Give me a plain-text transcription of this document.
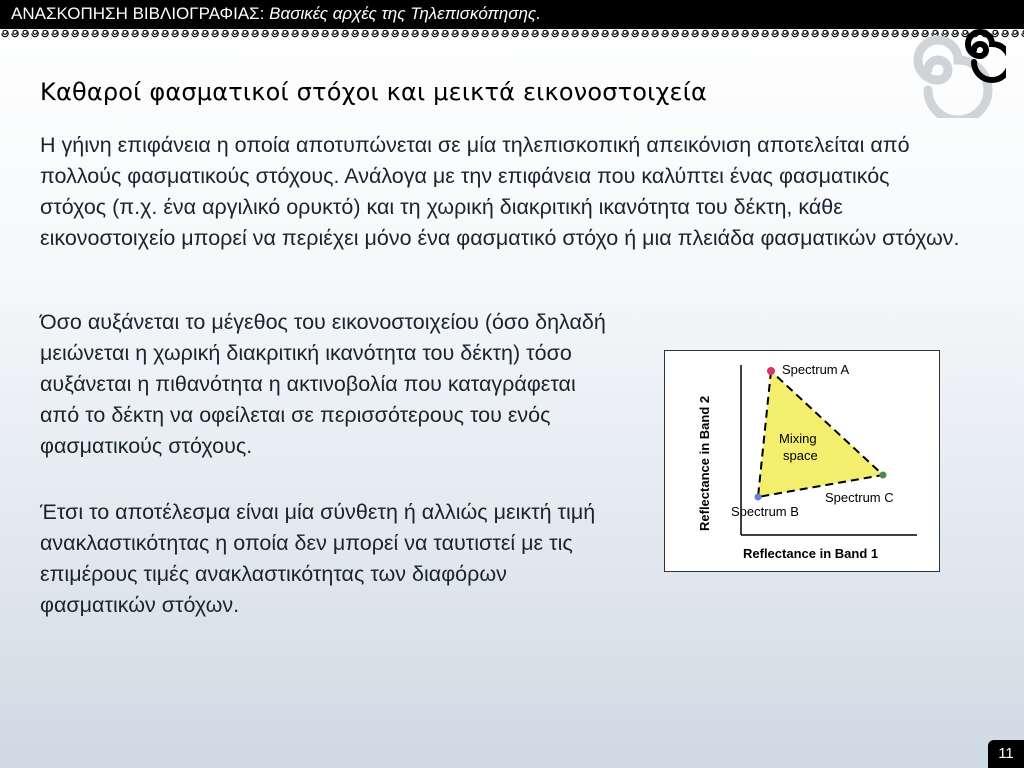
ΑΝΑΣΚΟΠΗΣΗ ΒΙΒΛΙΟΓΡΑΦΙΑΣ: Βασικές αρχές της Τηλεπισκόπησης.
Καθαροί φασματικοί στόχοι και μεικτά εικονοστοιχεία
Η γήινη επιφάνεια η οποία αποτυπώνεται σε μία τηλεπισκοπική απεικόνιση αποτελείται από πολλούς φασματικούς στόχους. Ανάλογα με την επιφάνεια που καλύπτει ένας φασματικός στόχος (π.χ. ένα αργιλικό ορυκτό) και τη χωρική διακριτική ικανότητα του δέκτη, κάθε εικονοστοιχείο μπορεί να περιέχει μόνο ένα φασματικό στόχο ή μια πλειάδα φασματικών στόχων.
Όσο αυξάνεται το μέγεθος του εικονοστοιχείου (όσο δηλαδή μειώνεται η χωρική διακριτική ικανότητα του δέκτη) τόσο αυξάνεται η πιθανότητα η ακτινοβολία που καταγράφεται από το δέκτη να οφείλεται σε περισσότερους του ενός φασματικούς στόχους.
Έτσι το αποτέλεσμα είναι μία σύνθετη ή αλλιώς μεικτή τιμή ανακλαστικότητας η οποία δεν μπορεί να ταυτιστεί με τις επιμέρους τιμές ανακλαστικότητας των διαφόρων φασματικών στόχων.
Spectrum A
Spectrum B
Spectrum C
Mixing
space
Reflectance in Band 1
Reflectance in Band 2
11
